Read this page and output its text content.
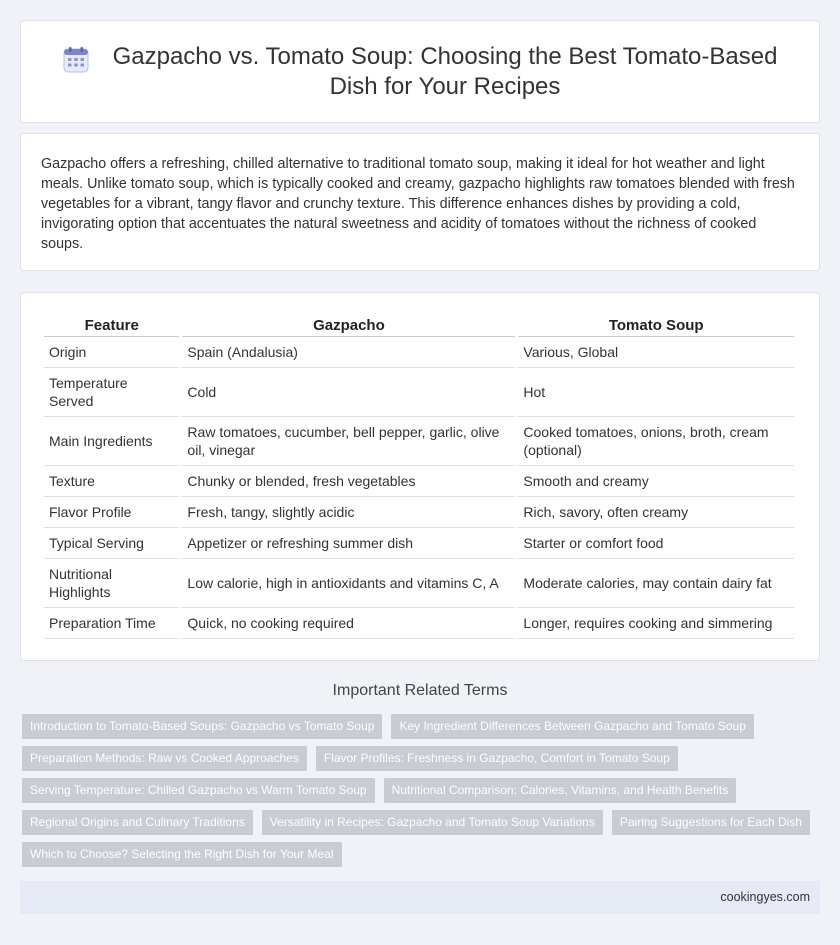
Gazpacho vs. Tomato Soup: Choosing the Best Tomato-Based Dish for Your Recipes

Gazpacho offers a refreshing, chilled alternative to traditional tomato soup, making it ideal for hot weather and light meals. Unlike tomato soup, which is typically cooked and creamy, gazpacho highlights raw tomatoes blended with fresh vegetables for a vibrant, tangy flavor and crunchy texture. This difference enhances dishes by providing a cold, invigorating option that accentuates the natural sweetness and acidity of tomatoes without the richness of cooked soups.

Feature	Gazpacho	Tomato Soup
Origin	Spain (Andalusia)	Various, Global
Temperature Served	Cold	Hot
Main Ingredients	Raw tomatoes, cucumber, bell pepper, garlic, olive oil, vinegar	Cooked tomatoes, onions, broth, cream (optional)
Texture	Chunky or blended, fresh vegetables	Smooth and creamy
Flavor Profile	Fresh, tangy, slightly acidic	Rich, savory, often creamy
Typical Serving	Appetizer or refreshing summer dish	Starter or comfort food
Nutritional Highlights	Low calorie, high in antioxidants and vitamins C, A	Moderate calories, may contain dairy fat
Preparation Time	Quick, no cooking required	Longer, requires cooking and simmering
Important Related Terms
Introduction to Tomato-Based Soups: Gazpacho vs Tomato Soup	Key Ingredient Differences Between Gazpacho and Tomato Soup
Preparation Methods: Raw vs Cooked Approaches	Flavor Profiles: Freshness in Gazpacho, Comfort in Tomato Soup
Serving Temperature: Chilled Gazpacho vs Warm Tomato Soup	Nutritional Comparison: Calories, Vitamins, and Health Benefits
Regional Origins and Culinary Traditions	Versatility in Recipes: Gazpacho and Tomato Soup Variations	Pairing Suggestions for Each Dish
Which to Choose? Selecting the Right Dish for Your Meal
cookingyes.com
